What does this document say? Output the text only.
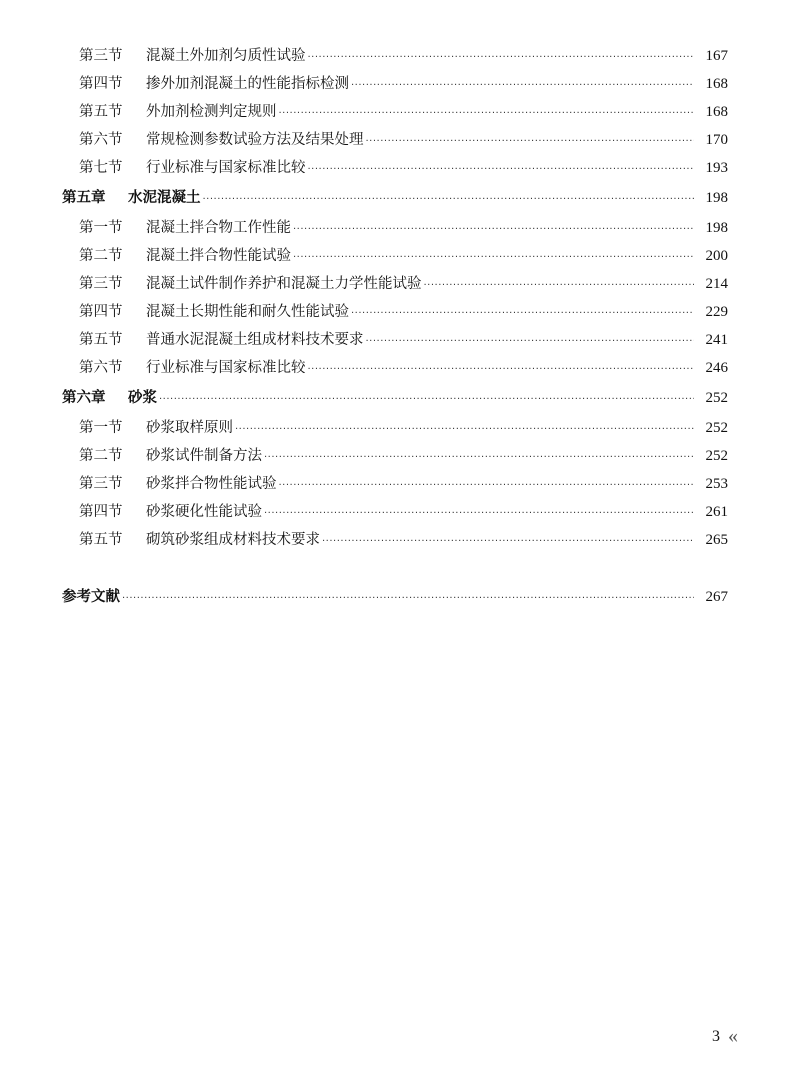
第三节	混凝土外加剂匀质性试验 ·····	167
第四节	掺外加剂混凝土的性能指标检测 ·····	168
第五节	外加剂检测判定规则 ·····	168
第六节	常规检测参数试验方法及结果处理 ·····	170
第七节	行业标准与国家标准比较 ·····	193
第五章	水泥混凝土 ·····	198
第一节	混凝土拌合物工作性能 ·····	198
第二节	混凝土拌合物性能试验 ·····	200
第三节	混凝土试件制作养护和混凝土力学性能试验 ·····	214
第四节	混凝土长期性能和耐久性能试验 ·····	229
第五节	普通水泥混凝土组成材料技术要求 ·····	241
第六节	行业标准与国家标准比较 ·····	246
第六章	砂浆 ·····	252
第一节	砂浆取样原则 ·····	252
第二节	砂浆试件制备方法 ·····	252
第三节	砂浆拌合物性能试验 ·····	253
第四节	砂浆硬化性能试验 ·····	261
第五节	砌筑砂浆组成材料技术要求 ·····	265
参考文献 ·····	267
3 «
